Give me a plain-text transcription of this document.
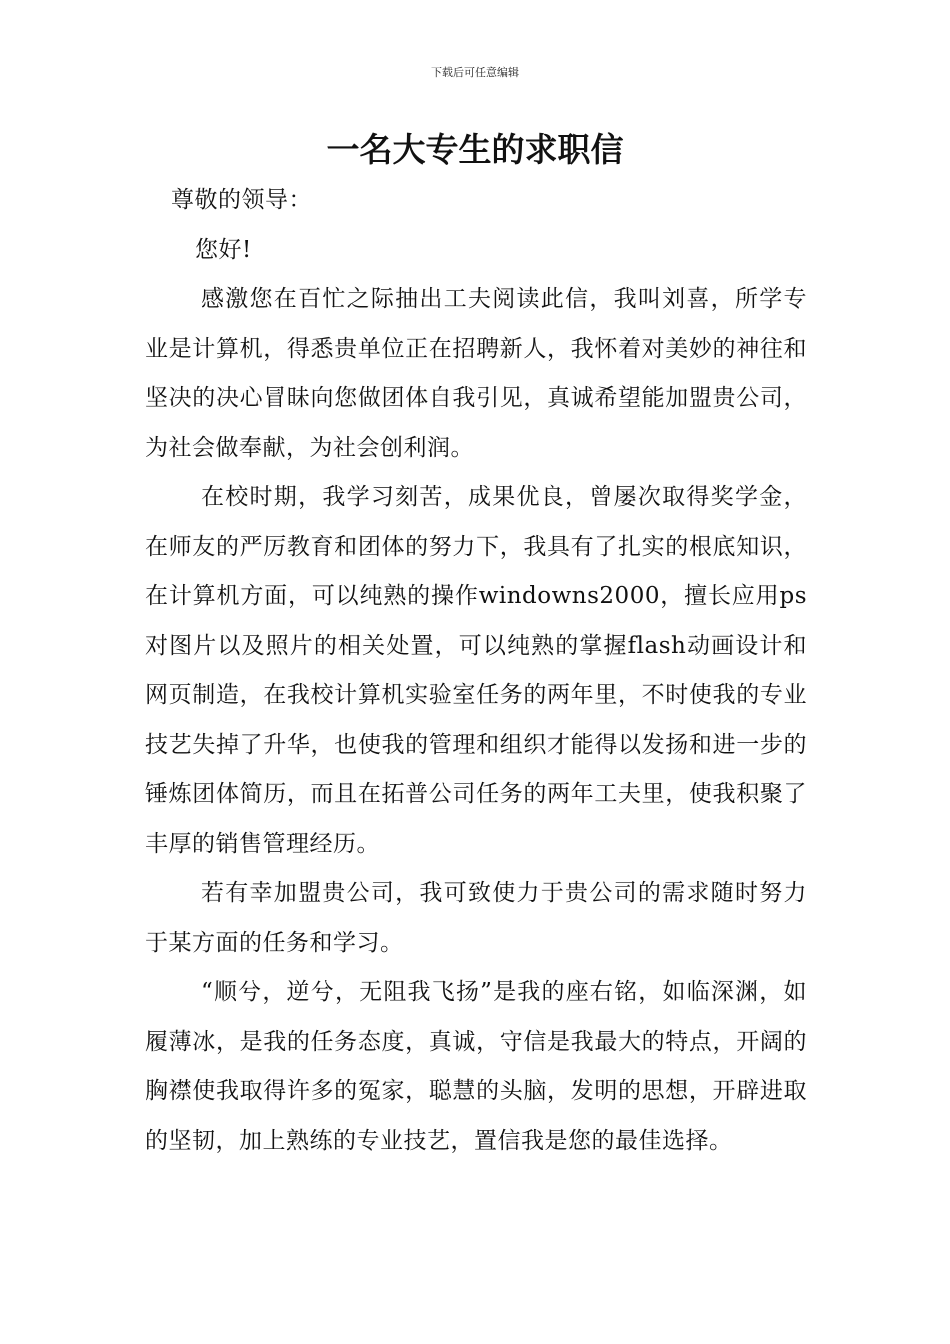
下载后可任意编辑
一名大专生的求职信

尊敬的领导：

您好!

感激您在百忙之际抽出工夫阅读此信，我叫刘喜，所学专业是计算机，得悉贵单位正在招聘新人，我怀着对美妙的神往和坚决的决心冒昧向您做团体自我引见，真诚希望能加盟贵公司，为社会做奉献，为社会创利润。

在校时期，我学习刻苦，成果优良，曾屡次取得奖学金，在师友的严厉教育和团体的努力下，我具有了扎实的根底知识，在计算机方面，可以纯熟的操作windowns2000，擅长应用ps对图片以及照片的相关处置，可以纯熟的掌握flash动画设计和网页制造，在我校计算机实验室任务的两年里，不时使我的专业技艺失掉了升华，也使我的管理和组织才能得以发扬和进一步的锤炼团体简历，而且在拓普公司任务的两年工夫里，使我积聚了丰厚的销售管理经历。

若有幸加盟贵公司，我可致使力于贵公司的需求随时努力于某方面的任务和学习。

“顺兮，逆兮，无阻我飞扬”是我的座右铭，如临深渊，如履薄冰，是我的任务态度，真诚，守信是我最大的特点，开阔的胸襟使我取得许多的冤家，聪慧的头脑，发明的思想，开辟进取的坚韧，加上熟练的专业技艺，置信我是您的最佳选择。
